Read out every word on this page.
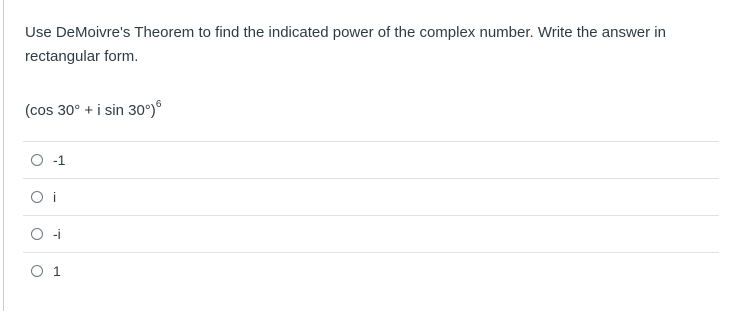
Use DeMoivre's Theorem to find the indicated power of the complex number. Write the answer in rectangular form.
(cos 30° + i sin 30°)$^6$
-1
i
-i
1
